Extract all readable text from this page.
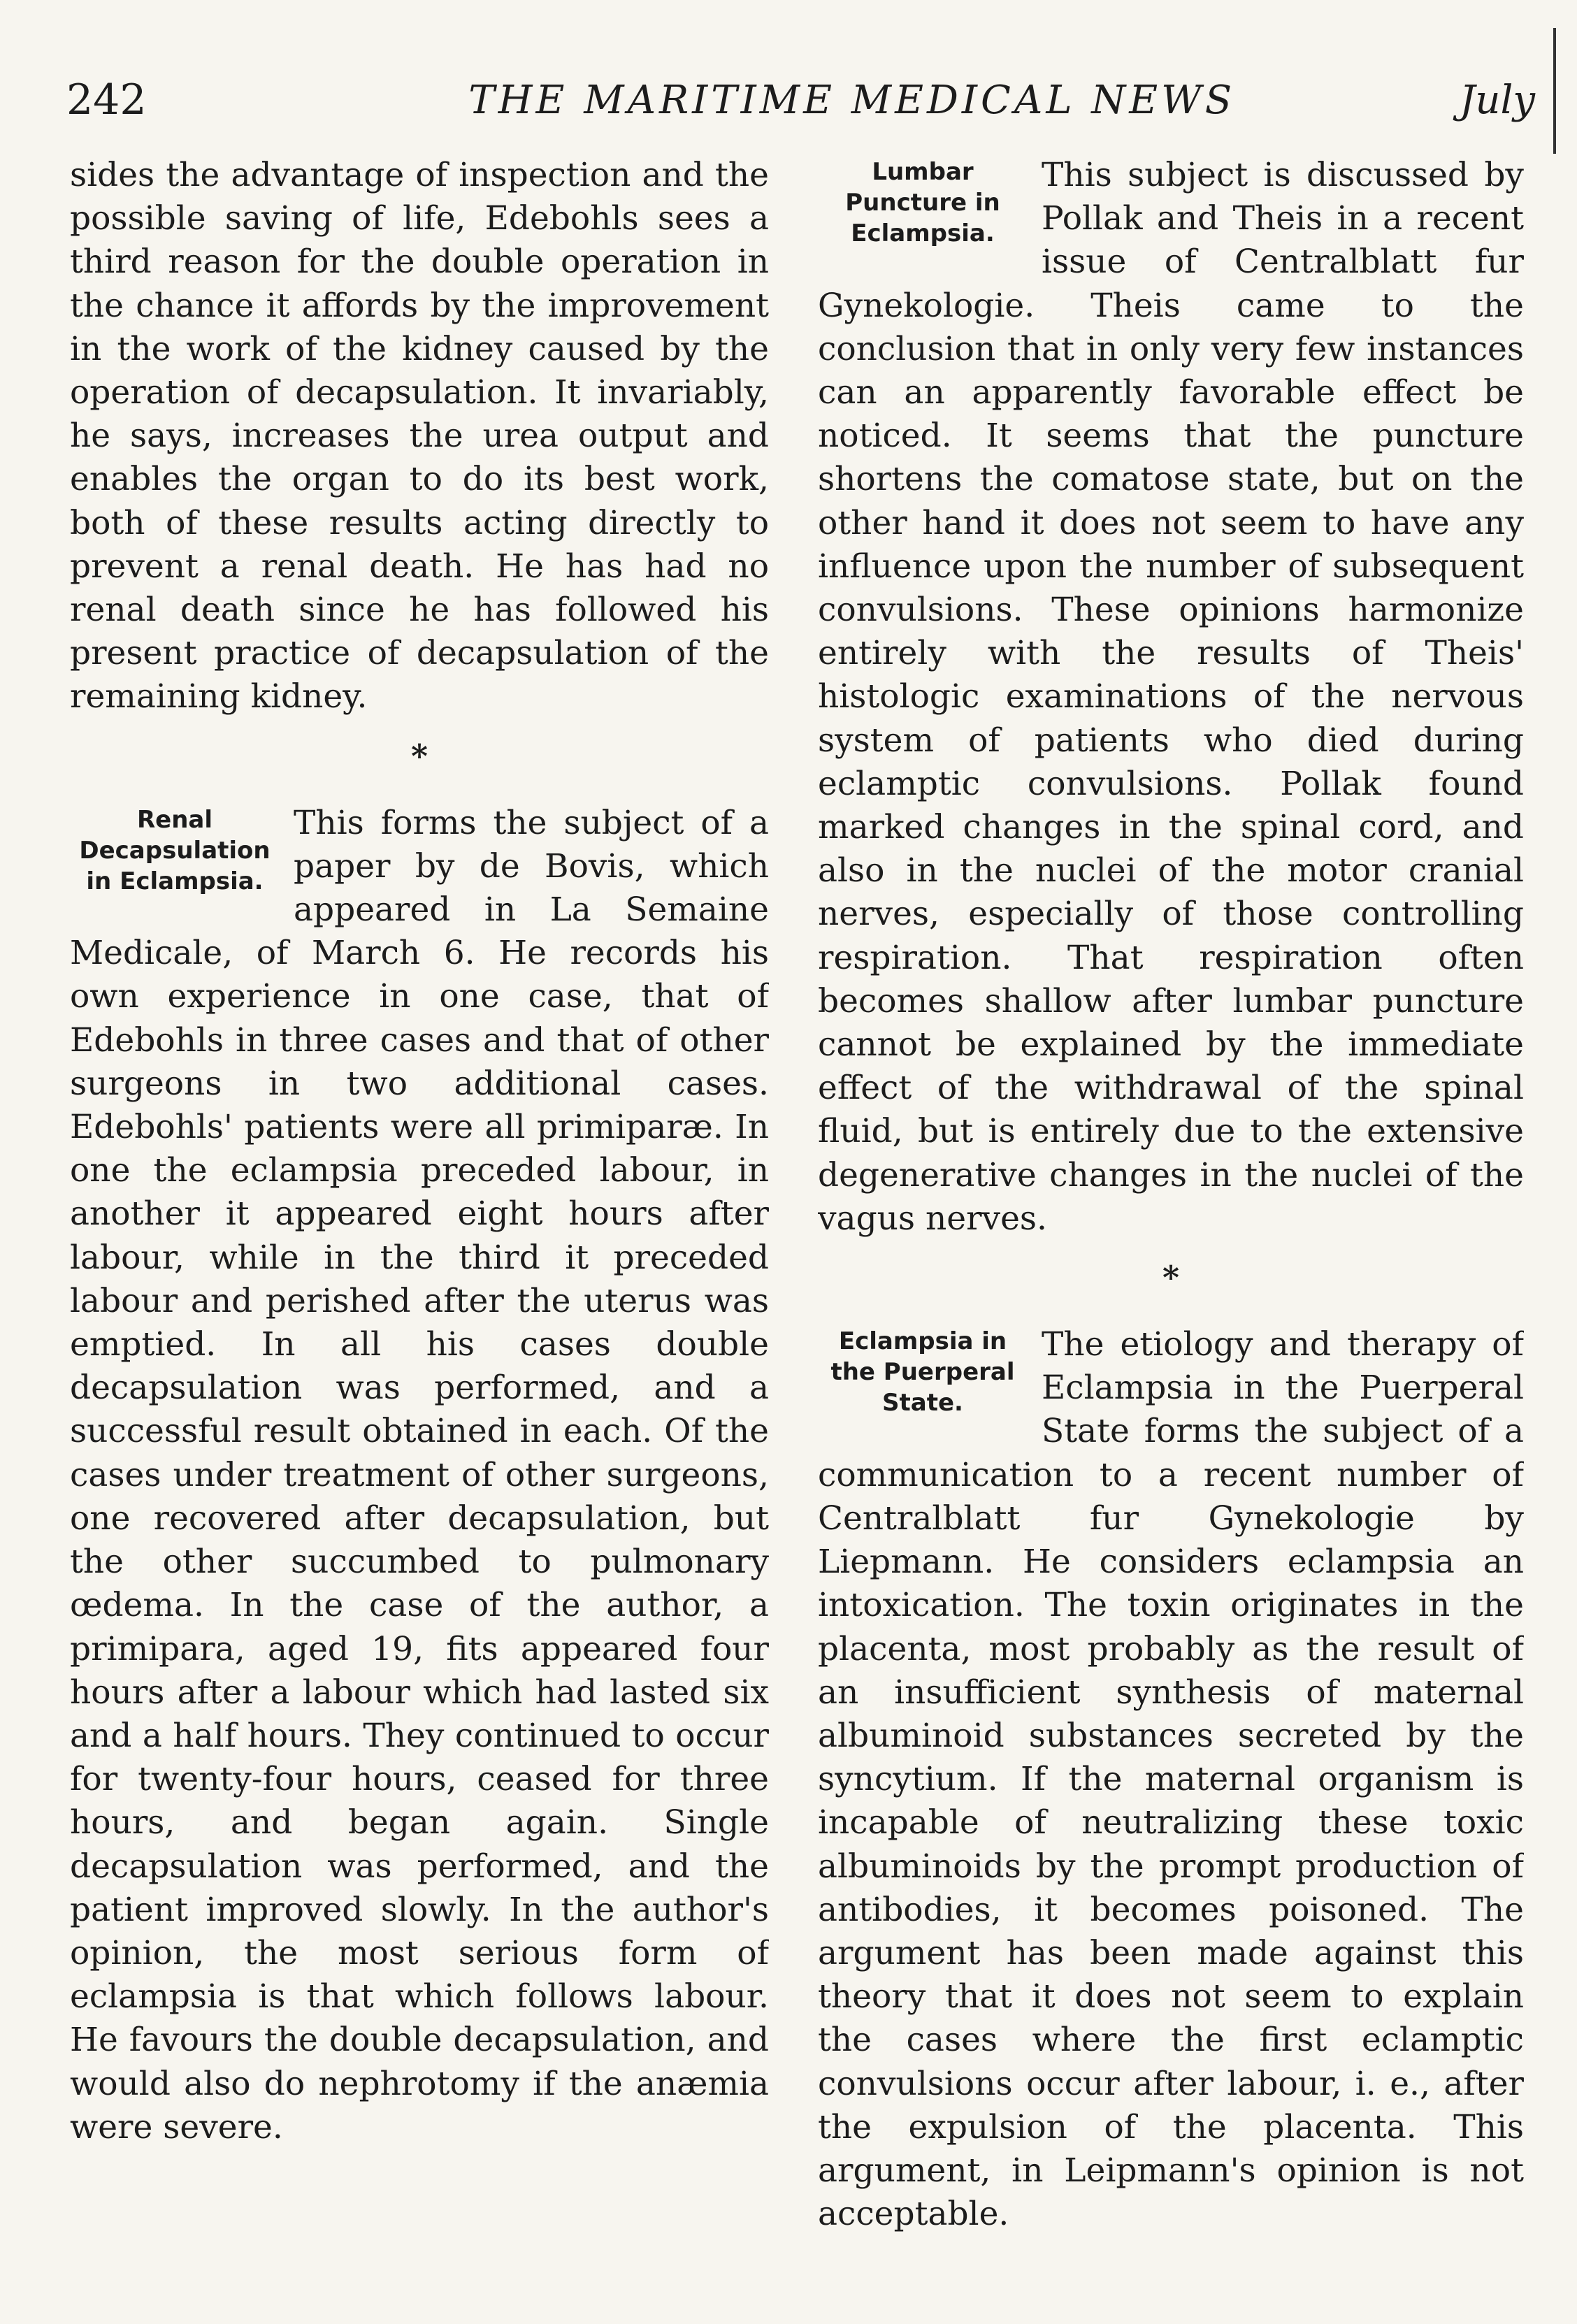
242	THE MARITIME MEDICAL NEWS	July

sides the advantage of inspection and the possible saving of life, Edebohls sees a third reason for the double operation in the chance it affords by the improvement in the work of the kidney caused by the operation of decapsulation. It invariably, he says, increases the urea output and enables the organ to do its best work, both of these results acting directly to prevent a renal death. He has had no renal death since he has followed his present practice of decapsulation of the remaining kidney.

*
Renal Decapsulation in Eclampsia.

This forms the subject of a paper by de Bovis, which appeared in La Semaine Medicale, of March 6. He records his own experience in one case, that of Edebohls in three cases and that of other surgeons in two additional cases. Edebohls' patients were all primiparæ. In one the eclampsia preceded labour, in another it appeared eight hours after labour, while in the third it preceded labour and perished after the uterus was emptied. In all his cases double decapsulation was performed, and a successful result obtained in each. Of the cases under treatment of other surgeons, one recovered after decapsulation, but the other succumbed to pulmonary œdema. In the case of the author, a primipara, aged 19, fits appeared four hours after a labour which had lasted six and a half hours. They continued to occur for twenty-four hours, ceased for three hours, and began again. Single decapsulation was performed, and the patient improved slowly. In the author's opinion, the most serious form of eclampsia is that which follows labour. He favours the double decapsulation, and would also do nephrotomy if the anæmia were severe.

Lumbar Puncture in Eclampsia.

This subject is discussed by Pollak and Theis in a recent issue of Centralblatt fur Gynekologie. Theis came to the conclusion that in only very few instances can an apparently favorable effect be noticed. It seems that the puncture shortens the comatose state, but on the other hand it does not seem to have any influence upon the number of subsequent convulsions. These opinions harmonize entirely with the results of Theis' histologic examinations of the nervous system of patients who died during eclamptic convulsions. Pollak found marked changes in the spinal cord, and also in the nuclei of the motor cranial nerves, especially of those controlling respiration. That respiration often becomes shallow after lumbar puncture cannot be explained by the immediate effect of the withdrawal of the spinal fluid, but is entirely due to the extensive degenerative changes in the nuclei of the vagus nerves.

*
Eclampsia in the Puerperal State.

The etiology and therapy of Eclampsia in the Puerperal State forms the subject of a communication to a recent number of Centralblatt fur Gynekologie by Liepmann. He considers eclampsia an intoxication. The toxin originates in the placenta, most probably as the result of an insufficient synthesis of maternal albuminoid substances secreted by the syncytium. If the maternal organism is incapable of neutralizing these toxic albuminoids by the prompt production of antibodies, it becomes poisoned. The argument has been made against this theory that it does not seem to explain the cases where the first eclamptic convulsions occur after labour, i. e., after the expulsion of the placenta. This argument, in Leipmann's opinion is not acceptable.
